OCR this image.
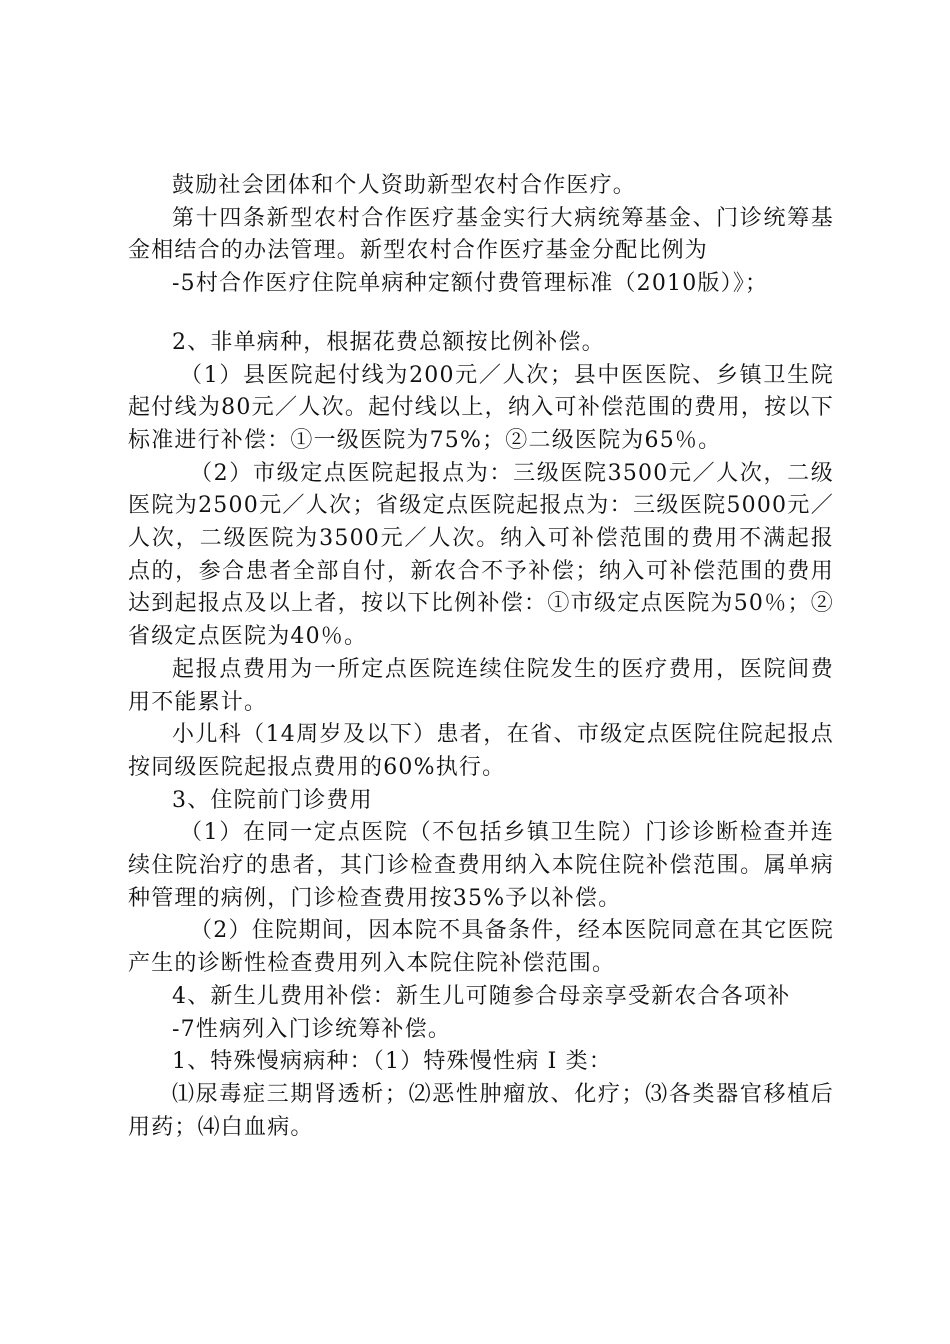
鼓励社会团体和个人资助新型农村合作医疗。

第十四条新型农村合作医疗基金实行大病统筹基金、门诊统筹基金相结合的办法管理。新型农村合作医疗基金分配比例为

-5村合作医疗住院单病种定额付费管理标准（2010版）》；

2、非单病种，根据花费总额按比例补偿。

（1）县医院起付线为200元／人次；县中医医院、乡镇卫生院起付线为80元／人次。起付线以上，纳入可补偿范围的费用，按以下标准进行补偿：①一级医院为75%；②二级医院为65％。

（2）市级定点医院起报点为：三级医院3500元／人次，二级医院为2500元／人次；省级定点医院起报点为：三级医院5000元／人次，二级医院为3500元／人次。纳入可补偿范围的费用不满起报点的，参合患者全部自付，新农合不予补偿；纳入可补偿范围的费用达到起报点及以上者，按以下比例补偿：①市级定点医院为50％；②省级定点医院为40％。

起报点费用为一所定点医院连续住院发生的医疗费用，医院间费用不能累计。

小儿科（14周岁及以下）患者，在省、市级定点医院住院起报点按同级医院起报点费用的60%执行。

3、住院前门诊费用

（1）在同一定点医院（不包括乡镇卫生院）门诊诊断检查并连续住院治疗的患者，其门诊检查费用纳入本院住院补偿范围。属单病种管理的病例，门诊检查费用按35%予以补偿。

（2）住院期间，因本院不具备条件，经本医院同意在其它医院产生的诊断性检查费用列入本院住院补偿范围。

4、新生儿费用补偿：新生儿可随参合母亲享受新农合各项补

-7性病列入门诊统筹补偿。

1、特殊慢病病种：（1）特殊慢性病 I 类：

⑴尿毒症三期肾透析；⑵恶性肿瘤放、化疗；⑶各类器官移植后用药；⑷白血病。
